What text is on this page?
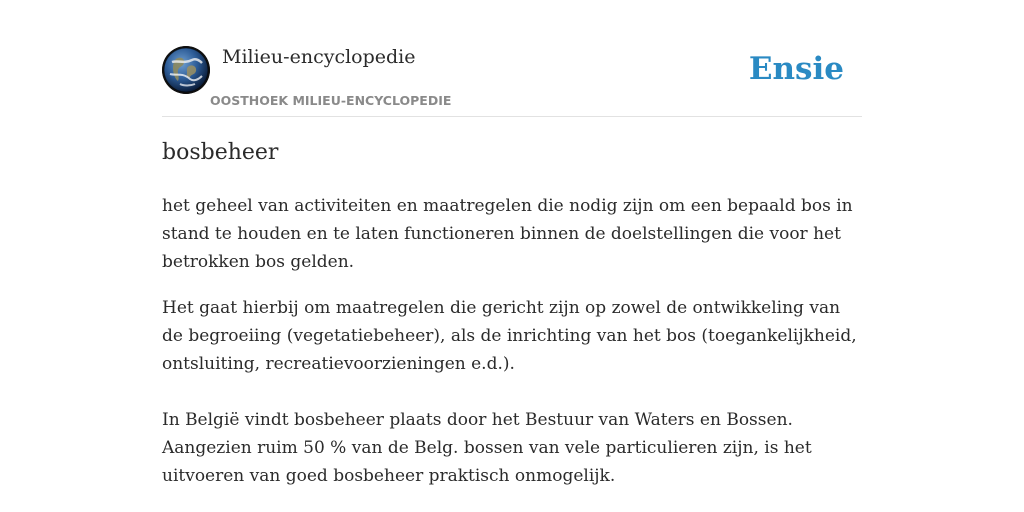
Milieu-encyclopedie
OOSTHOEK MILIEU-ENCYCLOPEDIE
Ensie
bosbeheer

het geheel van activiteiten en maatregelen die nodig zijn om een bepaald bos in stand te houden en te laten functioneren binnen de doelstellingen die voor het betrokken bos gelden.

Het gaat hierbij om maatregelen die gericht zijn op zowel de ontwikkeling van de begroeiing (vegetatiebeheer), als de inrichting van het bos (toegankelijkheid, ontsluiting, recreatievoorzieningen e.d.).

In België vindt bosbeheer plaats door het Bestuur van Waters en Bossen. Aangezien ruim 50 % van de Belg. bossen van vele particulieren zijn, is het uitvoeren van goed bosbeheer praktisch onmogelijk.
